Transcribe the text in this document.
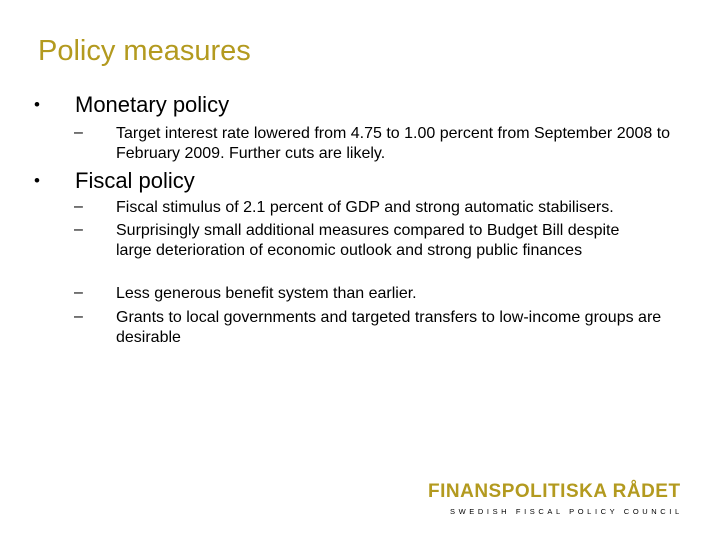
Policy measures
• Monetary policy
– Target interest rate lowered from 4.75 to 1.00 percent from September 2008 to February 2009. Further cuts are likely.
• Fiscal policy
– Fiscal stimulus of 2.1 percent of GDP and strong automatic stabilisers.
– Surprisingly small additional measures compared to Budget Bill despite large deterioration of economic outlook and strong public finances
– Less generous benefit system than earlier.
– Grants to local governments and targeted transfers to low-income groups are desirable
FINANSPOLITISKA RÅDET
SWEDISH FISCAL POLICY COUNCIL
